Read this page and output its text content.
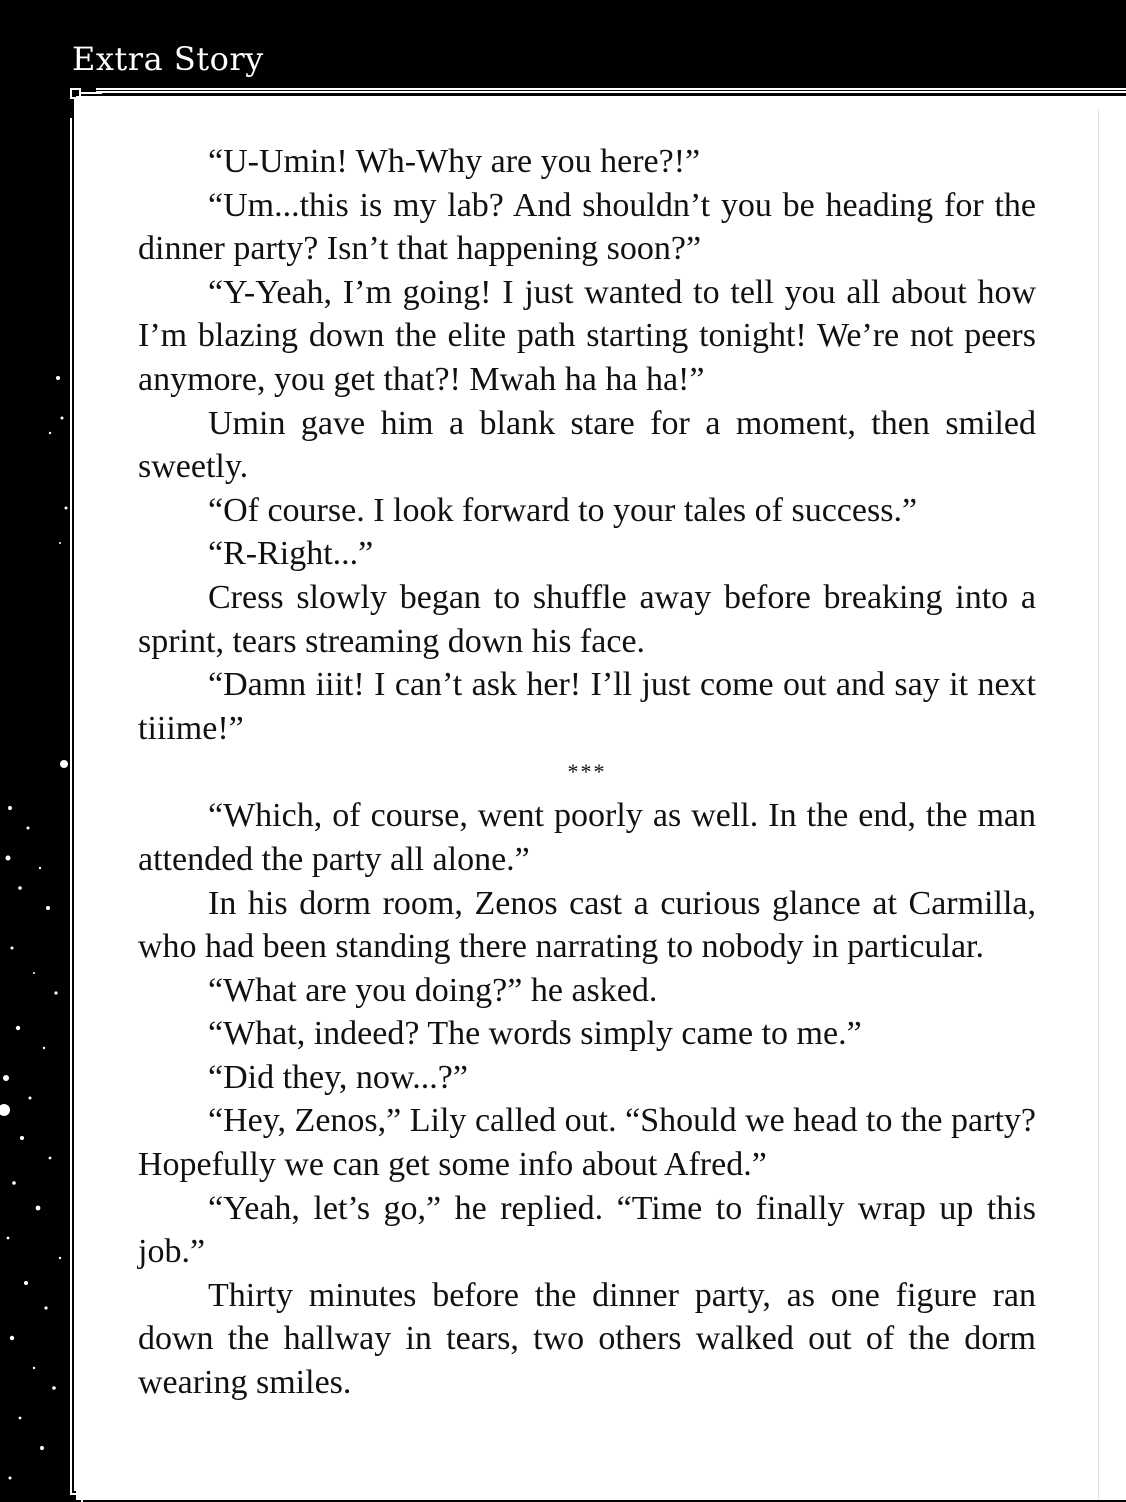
Extra Story

“U-Umin! Wh-Why are you here?!”

“Um...this is my lab? And shouldn’t you be heading for the dinner party? Isn’t that happening soon?”

“Y-Yeah, I’m going! I just wanted to tell you all about how I’m blazing down the elite path starting tonight! We’re not peers anymore, you get that?! Mwah ha ha ha!”

Umin gave him a blank stare for a moment, then smiled sweetly.

“Of course. I look forward to your tales of success.”

“R-Right...”

Cress slowly began to shuffle away before breaking into a sprint, tears streaming down his face.

“Damn iiit! I can’t ask her! I’ll just come out and say it next tiiime!”

***

“Which, of course, went poorly as well. In the end, the man attended the party all alone.”

In his dorm room, Zenos cast a curious glance at Carmilla, who had been standing there narrating to nobody in particular.

“What are you doing?” he asked.

“What, indeed? The words simply came to me.”

“Did they, now...?”

“Hey, Zenos,” Lily called out. “Should we head to the party? Hopefully we can get some info about Afred.”

“Yeah, let’s go,” he replied. “Time to finally wrap up this job.”

Thirty minutes before the dinner party, as one figure ran down the hallway in tears, two others walked out of the dorm wearing smiles.
